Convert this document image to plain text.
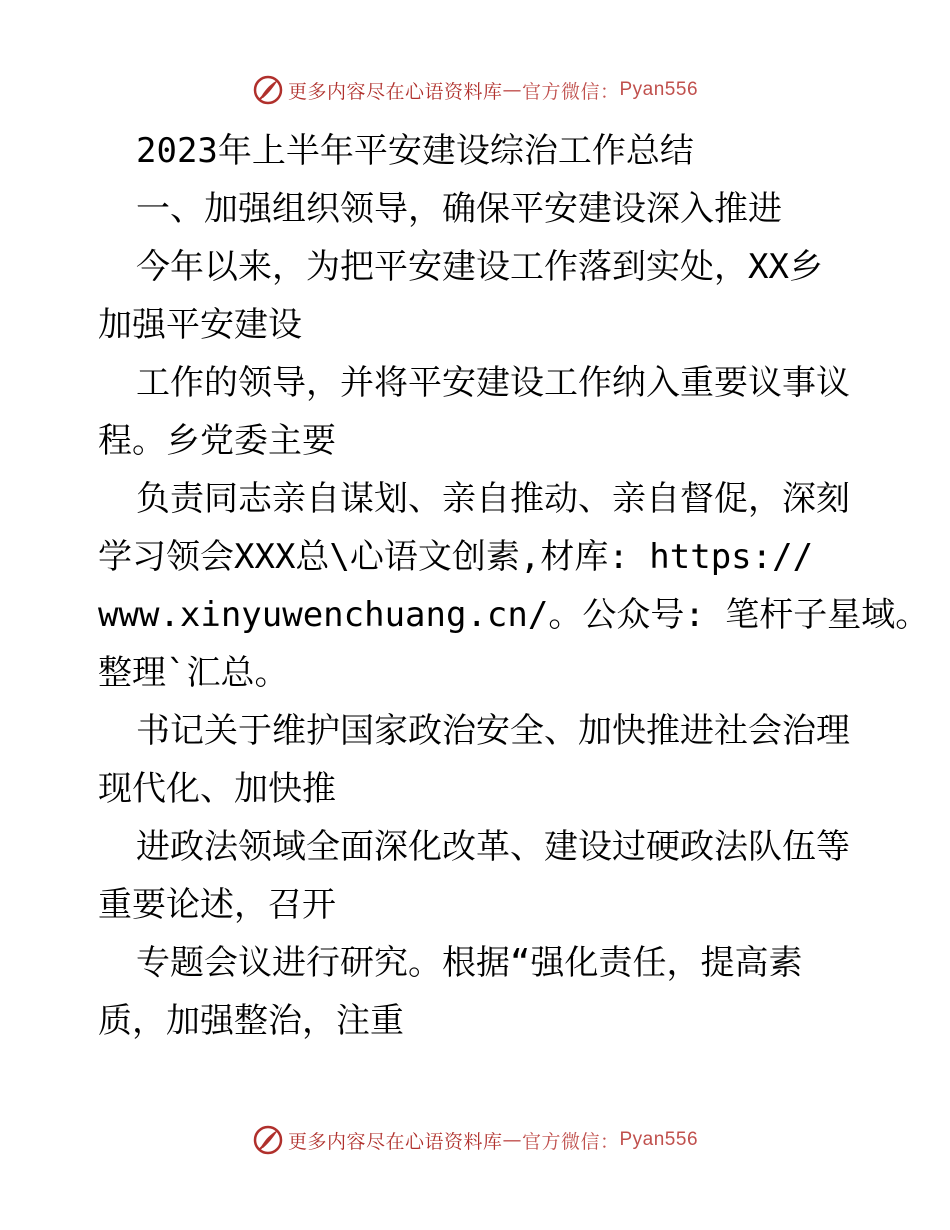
更多内容尽在心语资料库 — 官方微信： Pyan556
2023年上半年平安建设综治工作总结
一、加强组织领导，确保平安建设深入推进
今年以来，为把平安建设工作落到实处，XX乡
加强平安建设
工作的领导，并将平安建设工作纳入重要议事议
程。乡党委主要
负责同志亲自谋划、亲自推动、亲自督促，深刻
学习领会XXX总\心语文创素,材库: https://
www.xinyuwenchuang.cn/。公众号: 笔杆子星域。
整理`汇总。
书记关于维护国家政治安全、加快推进社会治理
现代化、加快推
进政法领域全面深化改革、建设过硬政法队伍等
重要论述，召开
专题会议进行研究。根据“强化责任，提高素
质，加强整治，注重
更多内容尽在心语资料库 — 官方微信： Pyan556
